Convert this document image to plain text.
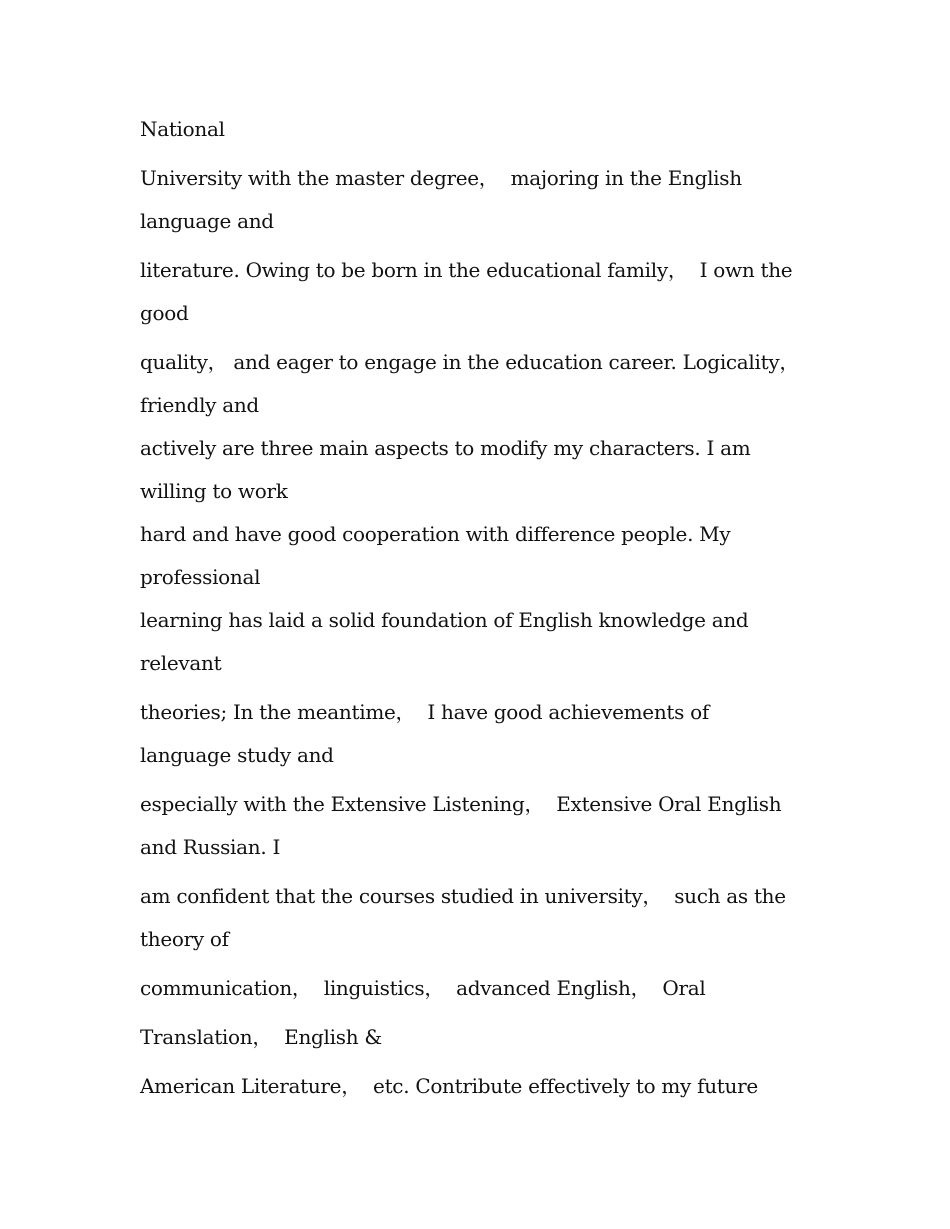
National
University with the master degree，  majoring in the English
language and
literature. Owing to be born in the educational family，  I own the
good
quality， and eager to engage in the education career. Logicality，
friendly and
actively are three main aspects to modify my characters. I am
willing to work
hard and have good cooperation with difference people. My
professional
learning has laid a solid foundation of English knowledge and
relevant
theories; In the meantime，  I have good achievements of
language study and
especially with the Extensive Listening，  Extensive Oral English
and Russian. I
am confident that the courses studied in university，  such as the
theory of
communication，  linguistics，  advanced English，  Oral
Translation，  English &
American Literature，  etc. Contribute effectively to my future
